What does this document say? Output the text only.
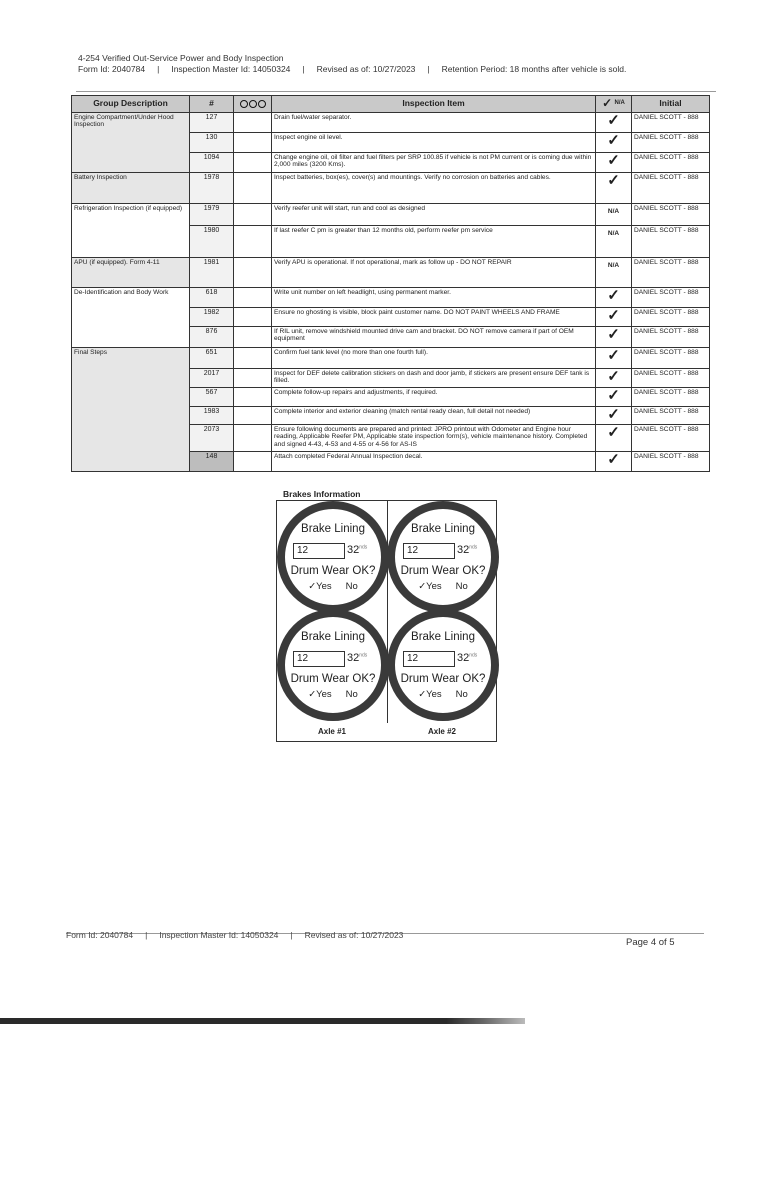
4-254 Verified Out-Service Power and Body Inspection
Form Id: 2040784 | Inspection Master Id: 14050324 | Revised as of: 10/27/2023 | Retention Period: 18 months after vehicle is sold.
Group Description	#		Inspection Item	✓ N/A	Initial
Engine Compartment/Under Hood Inspection	127		Drain fuel/water separator.	✓	DANIEL SCOTT - 888
	130		Inspect engine oil level.	✓	DANIEL SCOTT - 888
	1094		Change engine oil, oil filter and fuel filters per SRP 100.85 if vehicle is not PM current or is coming due within 2,000 miles (3200 Kms).	✓	DANIEL SCOTT - 888
Battery Inspection	1978		Inspect batteries, box(es), cover(s) and mountings. Verify no corrosion on batteries and cables.	✓	DANIEL SCOTT - 888
Refrigeration Inspection (if equipped)	1979		Verify reefer unit will start, run and cool as designed	N/A	DANIEL SCOTT - 888
	1980		If last reefer C pm is greater than 12 months old, perform reefer pm service	N/A	DANIEL SCOTT - 888
APU (if equipped). Form 4-11	1981		Verify APU is operational. If not operational, mark as follow up - DO NOT REPAIR	N/A	DANIEL SCOTT - 888
De-Identification and Body Work	618		Write unit number on left headlight, using permanent marker.	✓	DANIEL SCOTT - 888
	1982		Ensure no ghosting is visible, block paint customer name. DO NOT PAINT WHEELS AND FRAME	✓	DANIEL SCOTT - 888
	876		If RIL unit, remove windshield mounted drive cam and bracket. DO NOT remove camera if part of OEM equipment	✓	DANIEL SCOTT - 888
Final Steps	651		Confirm fuel tank level (no more than one fourth full).	✓	DANIEL SCOTT - 888
	2017		Inspect for DEF delete calibration stickers on dash and door jamb, if stickers are present ensure DEF tank is filled.	✓	DANIEL SCOTT - 888
	567		Complete follow-up repairs and adjustments, if required.	✓	DANIEL SCOTT - 888
	1983		Complete interior and exterior cleaning (match rental ready clean, full detail not needed)	✓	DANIEL SCOTT - 888
	2073		Ensure following documents are prepared and printed: JPRO printout with Odometer and Engine hour reading, Applicable Reefer PM, Applicable state inspection form(s), vehicle maintenance history. Completed and signed 4-43, 4-53 and 4-55 or 4-56 for AS-IS	✓	DANIEL SCOTT - 888
	148		Attach completed Federal Annual Inspection decal.	✓	DANIEL SCOTT - 888
Brakes Information
Brake Lining
12	$32^{nds}$
Drum Wear OK?
✓Yes No
Brake Lining
12	$32^{nds}$
Drum Wear OK?
✓Yes No
Brake Lining
12	$32^{nds}$
Drum Wear OK?
✓Yes No
Brake Lining
12	$32^{nds}$
Drum Wear OK?
✓Yes No
Axle #1	Axle #2
Form Id: 2040784 | Inspection Master Id: 14050324 | Revised as of: 10/27/2023
Page 4 of 5
